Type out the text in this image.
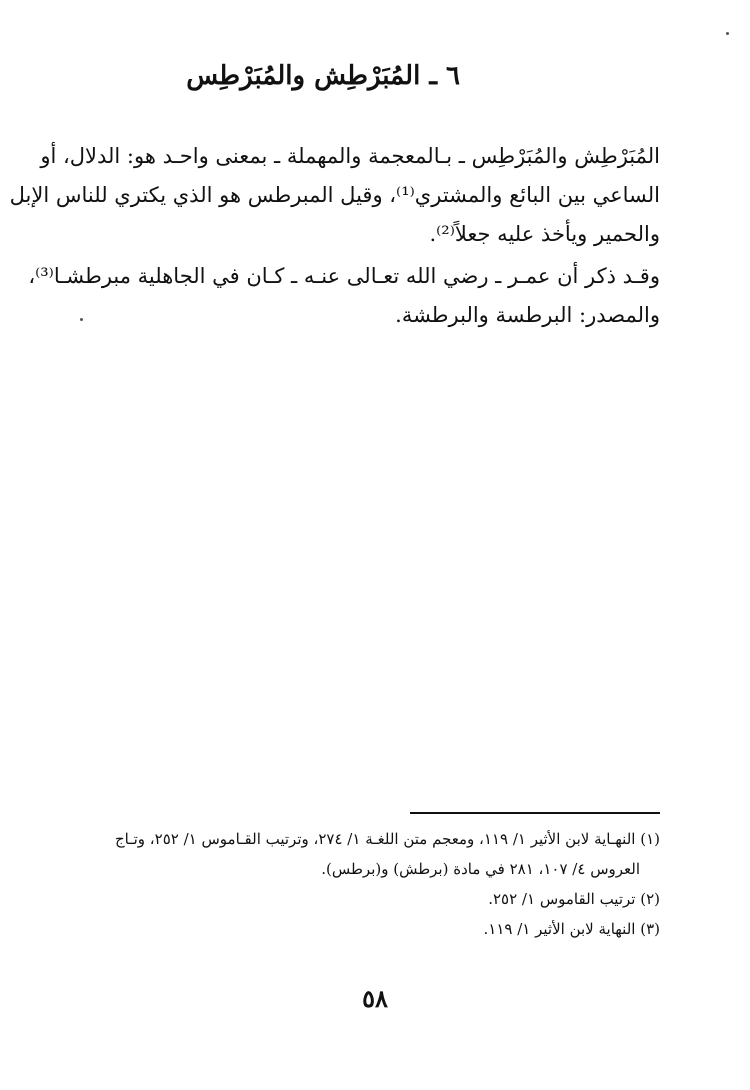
٦ ـ المُبَرْطِش والمُبَرْطِس
المُبَرْطِش والمُبَرْطِس ـ بـالمعجمة والمهملة ـ بمعنى واحـد هو: الدلال، أو
الساعي بين البائع والمشتري⁽¹⁾، وقيل المبرطس هو الذي يكتري للناس الإبل
والحمير ويأخذ عليه جعلاً⁽²⁾.
وقـد ذكر أن عمـر ـ رضي الله تعـالى عنـه ـ كـان في الجاهلية مبرطشـا⁽³⁾،
والمصدر: البرطسة والبرطشة.
(١) النهـاية لابن الأثير ١/ ١١٩، ومعجم متن اللغـة ١/ ٢٧٤، وترتيب القـاموس ١/ ٢٥٢، وتـاج
العروس ٤/ ١٠٧، ٢٨١ في مادة (برطش) و(برطس).
(٢) ترتيب القاموس ١/ ٢٥٢.
(٣) النهاية لابن الأثير ١/ ١١٩.
٥٨
